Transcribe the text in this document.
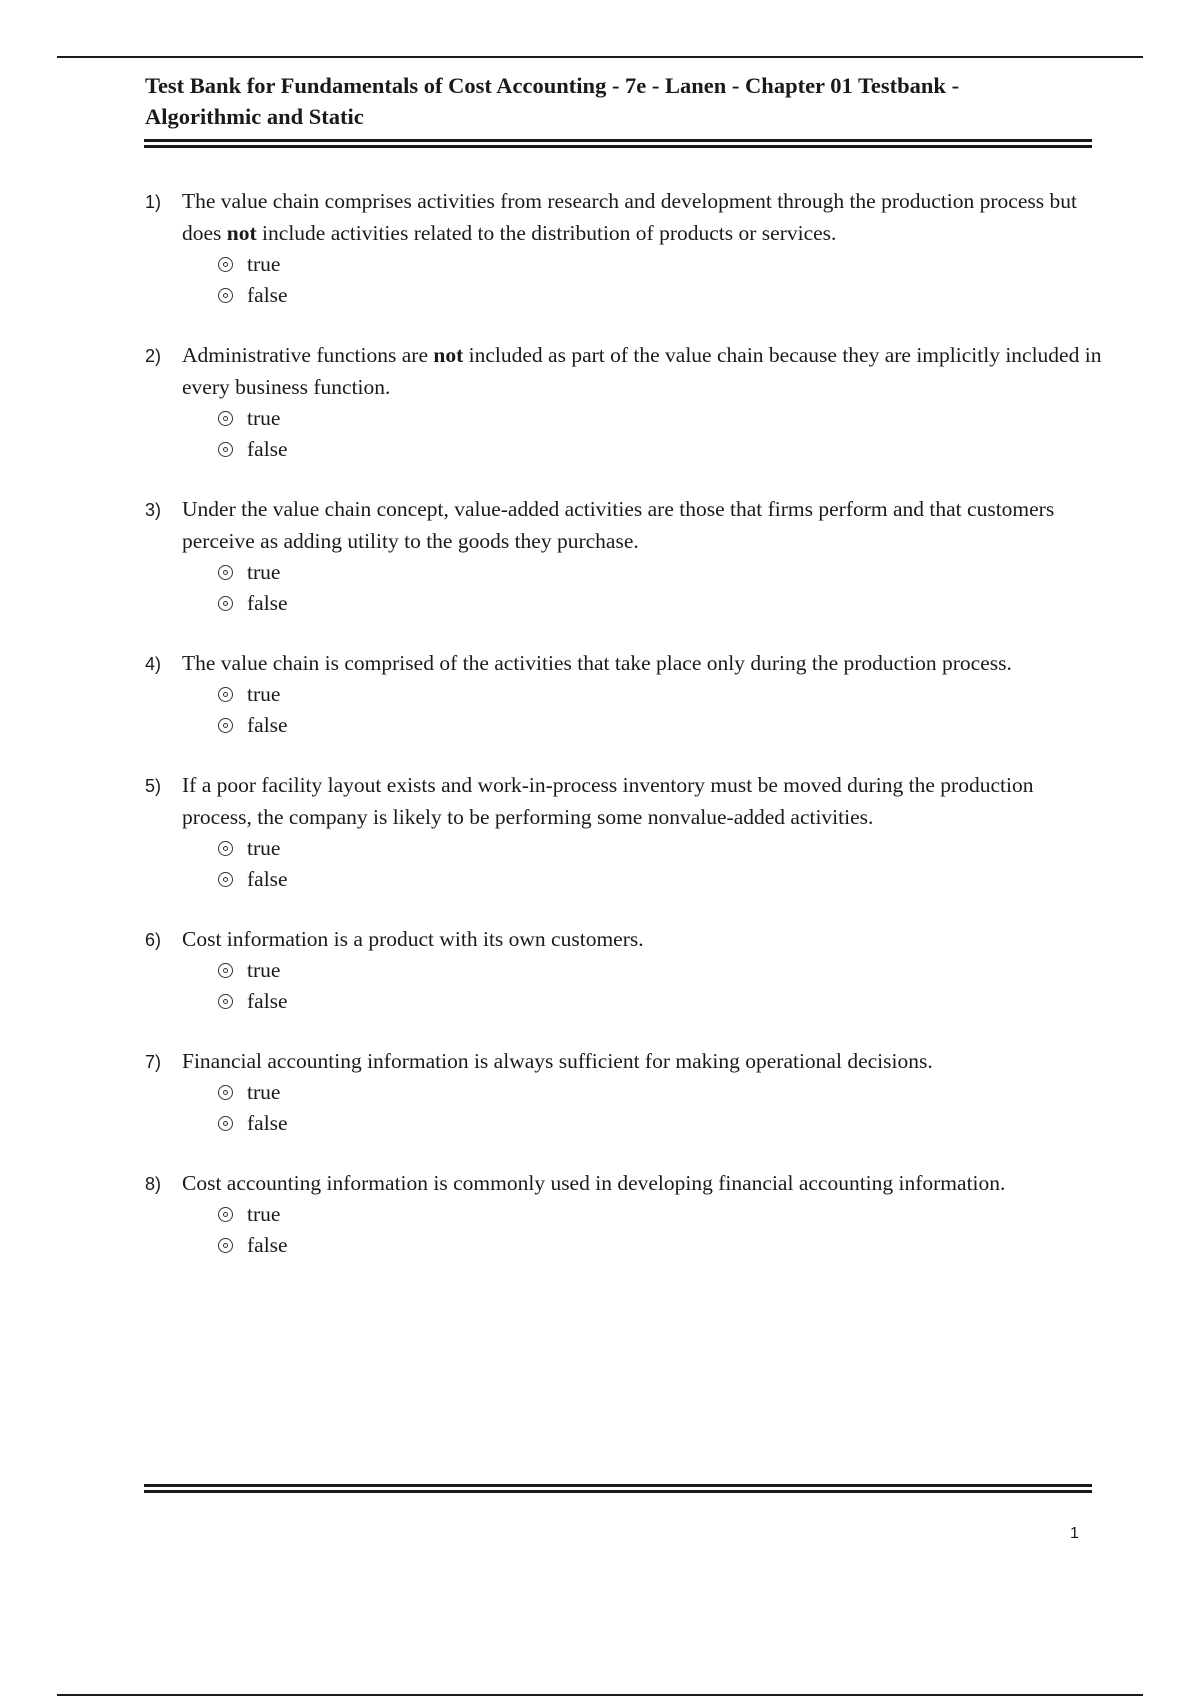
Test Bank for Fundamentals of Cost Accounting - 7e - Lanen - Chapter 01 Testbank -
Algorithmic and Static
1) The value chain comprises activities from research and development through the production process but does not include activities related to the distribution of products or services.
true
false
2) Administrative functions are not included as part of the value chain because they are implicitly included in every business function.
true
false
3) Under the value chain concept, value-added activities are those that firms perform and that customers perceive as adding utility to the goods they purchase.
true
false
4) The value chain is comprised of the activities that take place only during the production process.
true
false
5) If a poor facility layout exists and work-in-process inventory must be moved during the production process, the company is likely to be performing some nonvalue-added activities.
true
false
6) Cost information is a product with its own customers.
true
false
7) Financial accounting information is always sufficient for making operational decisions.
true
false
8) Cost accounting information is commonly used in developing financial accounting information.
true
false
1
